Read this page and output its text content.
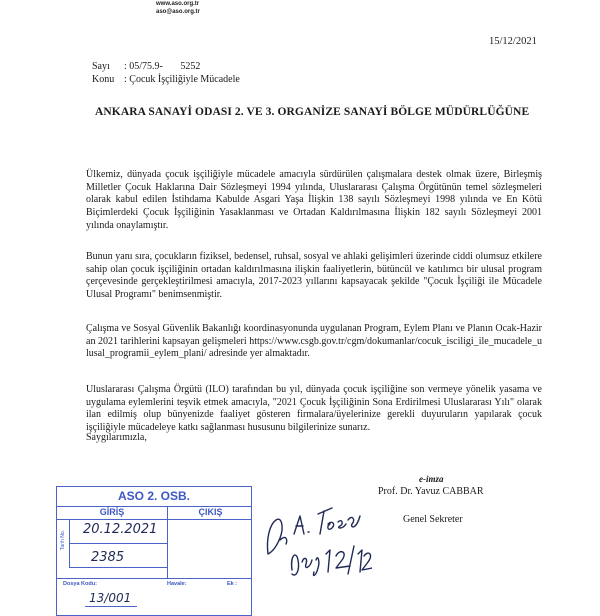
www.aso.org.tr
aso@aso.org.tr
15/12/2021
Sayı : 05/75.9-       5252
Konu : Çocuk İşçiliğiyle Mücadele
ANKARA SANAYİ ODASI 2. VE 3. ORGANİZE SANAYİ BÖLGE MÜDÜRLÜĞÜNE

Ülkemiz, dünyada çocuk işçiliğiyle mücadele amacıyla sürdürülen çalışmalara destek olmak üzere, Birleşmiş Milletler Çocuk Haklarına Dair Sözleşmeyi 1994 yılında, Uluslararası Çalışma Örgütünün temel sözleşmeleri olarak kabul edilen İstihdama Kabulde Asgari Yaşa İlişkin 138 sayılı Sözleşmeyi 1998 yılında ve En Kötü Biçimlerdeki Çocuk İşçiliğinin Yasaklanması ve Ortadan Kaldırılmasına İlişkin 182 sayılı Sözleşmeyi 2001 yılında onaylamıştır.

Bunun yanı sıra, çocukların fiziksel, bedensel, ruhsal, sosyal ve ahlaki gelişimleri üzerinde ciddi olumsuz etkilere sahip olan çocuk işçiliğinin ortadan kaldırılmasına ilişkin faaliyetlerin, bütüncül ve katılımcı bir ulusal program çerçevesinde gerçekleştirilmesi amacıyla, 2017-2023 yıllarını kapsayacak şekilde "Çocuk İşçiliği ile Mücadele Ulusal Programı" benimsenmiştir.

Çalışma ve Sosyal Güvenlik Bakanlığı koordinasyonunda uygulanan Program, Eylem Planı ve Planın Ocak-Haziran 2021 tarihlerini kapsayan gelişmeleri https://www.csgb.gov.tr/cgm/dokumanlar/cocuk_isciligi_ile_mucadele_ulusal_programii_eylem_plani/ adresinde yer almaktadır.

Uluslararası Çalışma Örgütü (ILO) tarafından bu yıl, dünyada çocuk işçiliğine son vermeye yönelik yasama ve uygulama eylemlerini teşvik etmek amacıyla, "2021 Çocuk İşçiliğinin Sona Erdirilmesi Uluslararası Yılı" olarak ilan edilmiş olup bünyenizde faaliyet gösteren firmalara/üyelerinize gerekli duyuruların yapılarak çocuk işçiliğiyle mücadeleye katkı sağlanması hususunu bilgilerinize sunarız.

Saygılarımızla,
e-imza
Prof. Dr. Yavuz CABBAR
Genel Sekreter
ASO 2. OSB.
GİRİŞ	ÇIKIŞ
Tarih No.
Dosya Kodu:	Havale:	Ek :
20.12.2021
2385
13/001
